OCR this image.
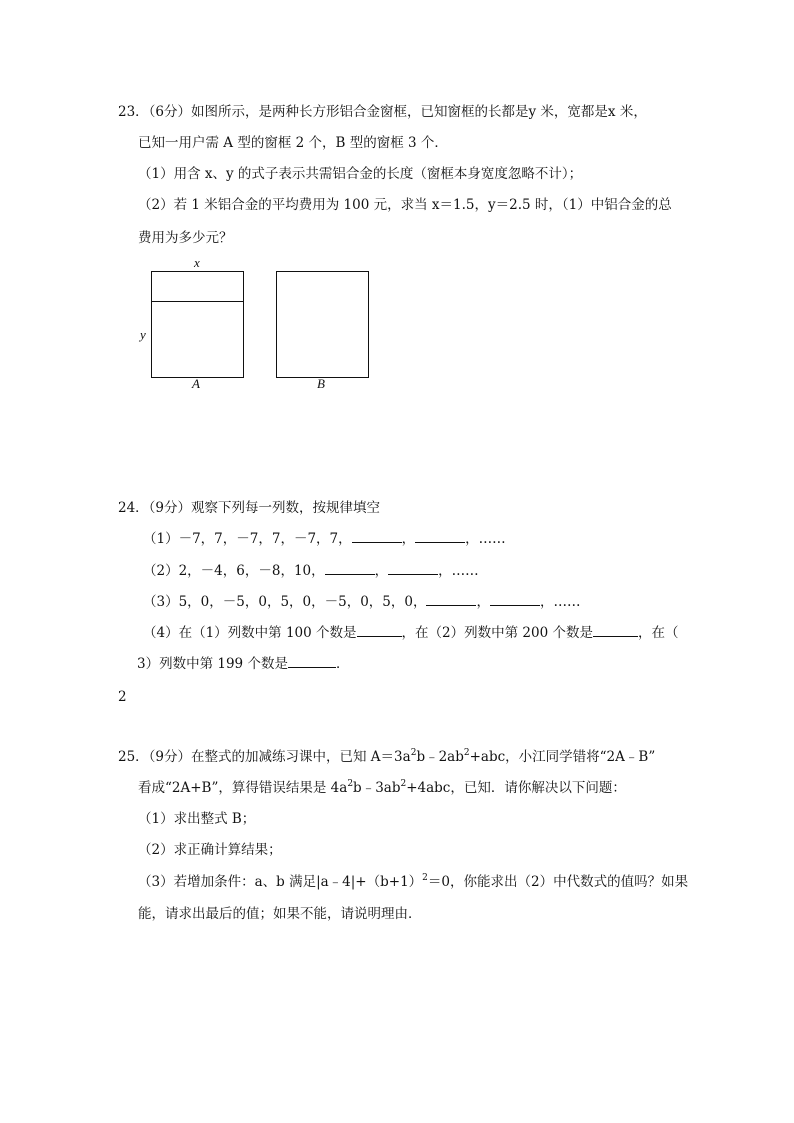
23．（6分）如图所示，是两种长方形铝合金窗框，已知窗框的长都是y 米，宽都是x 米，
已知一用户需 A 型的窗框 2 个，B 型的窗框 3 个．
（1）用含 x、y 的式子表示共需铝合金的长度（窗框本身宽度忽略不计）；
（2）若 1 米铝合金的平均费用为 100 元，求当 x＝1.5，y＝2.5 时，（1）中铝合金的总
费用为多少元？
x
y
A	B
24．（9分）观察下列每一列数，按规律填空
（1）－7，7，－7，7，－7，7，	，	，……
（2）2，－4，6，－8，10，	，	，……
（3）5，0，－5，0，5，0，－5，0，5，0，	，	，……
（4）在（1）列数中第 100 个数是	，在（2）列数中第 200 个数是	，在（
3）列数中第 199 个数是	．
2
25．（9分）在整式的加减练习课中，已知 $A=3a^2b﹣2ab^2+abc$，小江同学错将“2A﹣B”
看成“2A+B”，算得错误结果是 $4a^2b﹣3ab^2+4abc$，已知．请你解决以下问题：
（1）求出整式 B；
（2）求正确计算结果；
（3）若增加条件：a、b 满足$|a﹣4|+(b+1)^2=0$，你能求出（2）中代数式的值吗？如果
能，请求出最后的值；如果不能，请说明理由．
